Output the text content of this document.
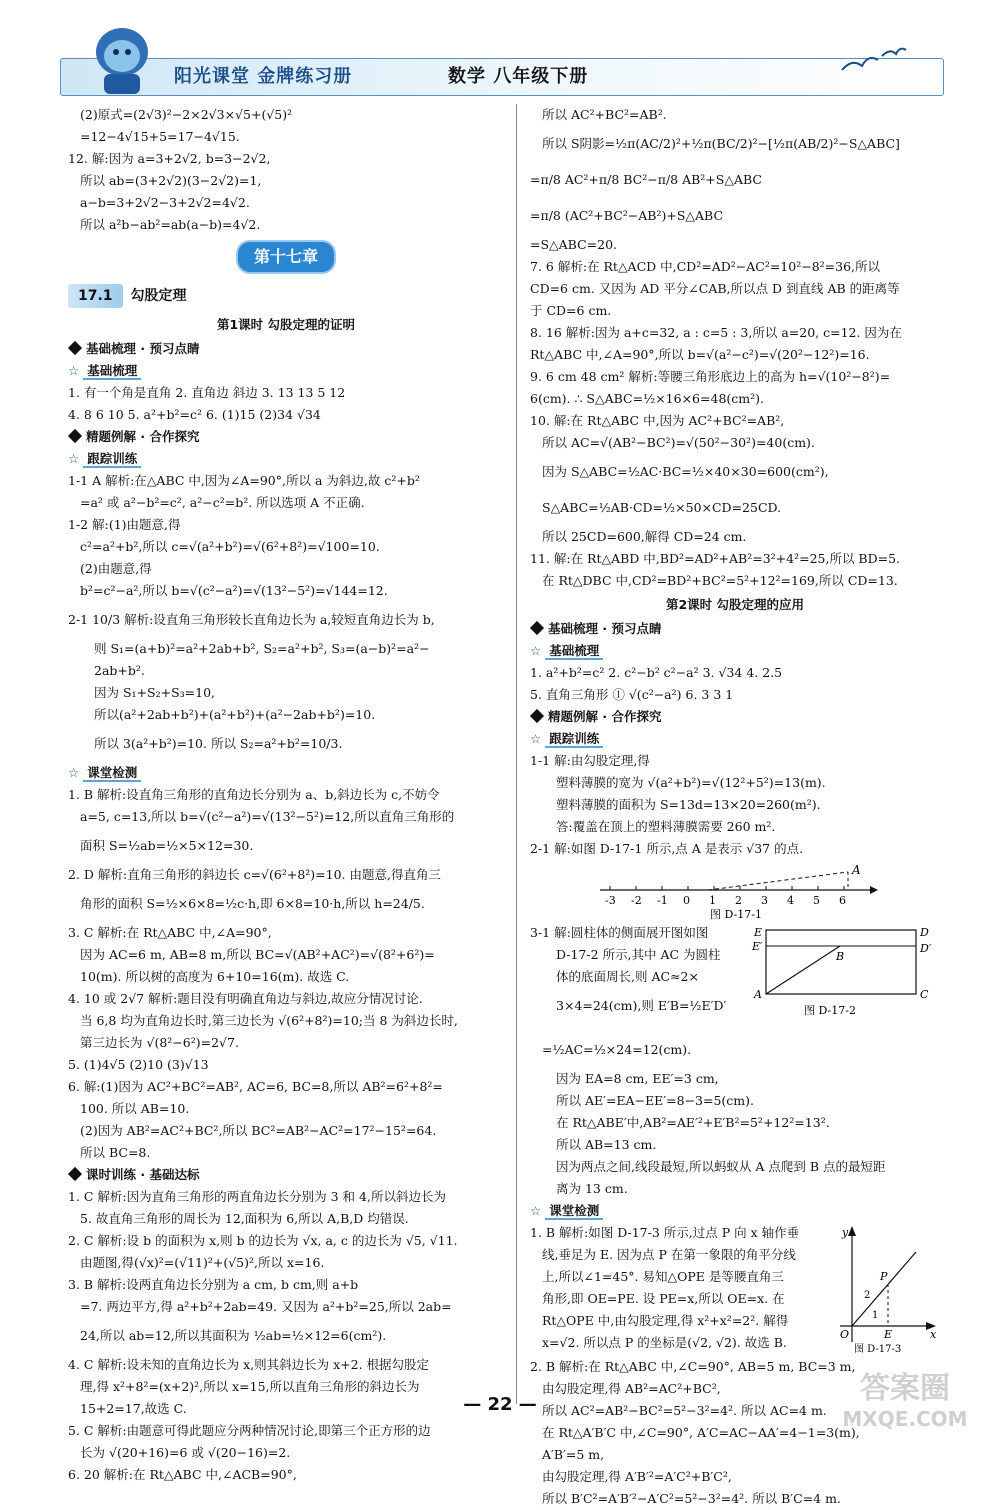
阳光课堂 金牌练习册	数学 八年级下册
(2)原式=(2√3)²−2×2√3×√5+(√5)²
=12−4√15+5=17−4√15.
12. 解:因为 a=3+2√2, b=3−2√2,
所以 ab=(3+2√2)(3−2√2)=1,
a−b=3+2√2−3+2√2=4√2.
所以 a²b−ab²=ab(a−b)=4√2.
第十七章
17.1 勾股定理
第1课时 勾股定理的证明
基础梳理 · 预习点睛
☆ 基础梳理
1. 有一个角是直角 2. 直角边 斜边 3. 13 13 5 12
4. 8 6 10 5. a²+b²=c² 6. (1)15 (2)34 √34
精题例解 · 合作探究
☆ 跟踪训练
1-1 A 解析:在△ABC 中,因为∠A=90°,所以 a 为斜边,故 c²+b²
=a² 或 a²−b²=c², a²−c²=b². 所以选项 A 不正确.
1-2 解:(1)由题意,得
c²=a²+b²,所以 c=√(a²+b²)=√(6²+8²)=√100=10.
(2)由题意,得
b²=c²−a²,所以 b=√(c²−a²)=√(13²−5²)=√144=12.
2-1 10/3 解析:设直角三角形较长直角边长为 a,较短直角边长为 b,
则 S₁=(a+b)²=a²+2ab+b², S₂=a²+b², S₃=(a−b)²=a²−
2ab+b².
因为 S₁+S₂+S₃=10,
所以(a²+2ab+b²)+(a²+b²)+(a²−2ab+b²)=10.
所以 3(a²+b²)=10. 所以 S₂=a²+b²=10/3.
☆ 课堂检测
1. B 解析:设直角三角形的直角边长分别为 a、b,斜边长为 c,不妨令
a=5, c=13,所以 b=√(c²−a²)=√(13²−5²)=12,所以直角三角形的
面积 S=½ab=½×5×12=30.
2. D 解析:直角三角形的斜边长 c=√(6²+8²)=10. 由题意,得直角三
角形的面积 S=½×6×8=½c·h,即 6×8=10·h,所以 h=24/5.
3. C 解析:在 Rt△ABC 中,∠A=90°,
因为 AC=6 m, AB=8 m,所以 BC=√(AB²+AC²)=√(8²+6²)=
10(m). 所以树的高度为 6+10=16(m). 故选 C.
4. 10 或 2√7 解析:题目没有明确直角边与斜边,故应分情况讨论.
当 6,8 均为直角边长时,第三边长为 √(6²+8²)=10;当 8 为斜边长时,
第三边长为 √(8²−6²)=2√7.
5. (1)4√5 (2)10 (3)√13
6. 解:(1)因为 AC²+BC²=AB², AC=6, BC=8,所以 AB²=6²+8²=
100. 所以 AB=10.
(2)因为 AB²=AC²+BC²,所以 BC²=AB²−AC²=17²−15²=64.
所以 BC=8.
课时训练 · 基础达标
1. C 解析:因为直角三角形的两直角边长分别为 3 和 4,所以斜边长为
5. 故直角三角形的周长为 12,面积为 6,所以 A,B,D 均错误.
2. C 解析:设 b 的面积为 x,则 b 的边长为 √x, a, c 的边长为 √5, √11.
由题图,得(√x)²=(√11)²+(√5)²,所以 x=16.
3. B 解析:设两直角边长分别为 a cm, b cm,则 a+b
=7. 两边平方,得 a²+b²+2ab=49. 又因为 a²+b²=25,所以 2ab=
24,所以 ab=12,所以其面积为 ½ab=½×12=6(cm²).
4. C 解析:设未知的直角边长为 x,则其斜边长为 x+2. 根据勾股定
理,得 x²+8²=(x+2)²,所以 x=15,所以直角三角形的斜边长为
15+2=17,故选 C.
5. C 解析:由题意可得此题应分两种情况讨论,即第三个正方形的边
长为 √(20+16)=6 或 √(20−16)=2.
6. 20 解析:在 Rt△ABC 中,∠ACB=90°,
所以 AC²+BC²=AB².
所以 S阴影=½π(AC/2)²+½π(BC/2)²−[½π(AB/2)²−S△ABC]
=π/8 AC²+π/8 BC²−π/8 AB²+S△ABC
=π/8 (AC²+BC²−AB²)+S△ABC
=S△ABC=20.
7. 6 解析:在 Rt△ACD 中,CD²=AD²−AC²=10²−8²=36,所以
CD=6 cm. 又因为 AD 平分∠CAB,所以点 D 到直线 AB 的距离等
于 CD=6 cm.
8. 16 解析:因为 a+c=32, a : c=5 : 3,所以 a=20, c=12. 因为在
Rt△ABC 中,∠A=90°,所以 b=√(a²−c²)=√(20²−12²)=16.
9. 6 cm 48 cm² 解析:等腰三角形底边上的高为 h=√(10²−8²)=
6(cm). ∴ S△ABC=½×16×6=48(cm²).
10. 解:在 Rt△ABC 中,因为 AC²+BC²=AB²,
所以 AC=√(AB²−BC²)=√(50²−30²)=40(cm).
因为 S△ABC=½AC·BC=½×40×30=600(cm²),
S△ABC=½AB·CD=½×50×CD=25CD.
所以 25CD=600,解得 CD=24 cm.
11. 解:在 Rt△ABD 中,BD²=AD²+AB²=3²+4²=25,所以 BD=5.
在 Rt△DBC 中,CD²=BD²+BC²=5²+12²=169,所以 CD=13.
第2课时 勾股定理的应用
基础梳理 · 预习点睛
☆ 基础梳理
1. a²+b²=c² 2. c²−b² c²−a² 3. √34 4. 2.5
5. 直角三角形 ① √(c²−a²) 6. 3 3 1
精题例解 · 合作探究
☆ 跟踪训练
1-1 解:由勾股定理,得
塑料薄膜的宽为 √(a²+b²)=√(12²+5²)=13(m).
塑料薄膜的面积为 S=13d=13×20=260(m²).
答:覆盖在顶上的塑料薄膜需要 260 m².
2-1 解:如图 D-17-1 所示,点 A 是表示 √37 的点.
-3 -2 -1 0 1 2 3 4 5 6
A
图 D-17-1
3-1 解:圆柱体的侧面展开图如图
D-17-2 所示,其中 AC 为圆柱
体的底面周长,则 AC≈2×
3×4=24(cm),则 E′B=½E′D′
D
E′	D′
B
E
A	C
图 D-17-2
=½AC=½×24=12(cm).
因为 EA=8 cm, EE′=3 cm,
所以 AE′=EA−EE′=8−3=5(cm).
在 Rt△ABE′中,AB²=AE′²+E′B²=5²+12²=13².
所以 AB=13 cm.
因为两点之间,线段最短,所以蚂蚁从 A 点爬到 B 点的最短距
离为 13 cm.
☆ 课堂检测
1. B 解析:如图 D-17-3 所示,过点 P 向 x 轴作垂
线,垂足为 E. 因为点 P 在第一象限的角平分线
上,所以∠1=45°. 易知△OPE 是等腰直角三
角形,即 OE=PE. 设 PE=x,所以 OE=x. 在
Rt△OPE 中,由勾股定理,得 x²+x²=2². 解得
x=√2. 所以点 P 的坐标是(√2, √2). 故选 B.
y
P
2
1
O	E	x
图 D-17-3
2. B 解析:在 Rt△ABC 中,∠C=90°, AB=5 m, BC=3 m,
由勾股定理,得 AB²=AC²+BC²,
所以 AC²=AB²−BC²=5²−3²=4². 所以 AC=4 m.
在 Rt△A′B′C 中,∠C=90°, A′C=AC−AA′=4−1=3(m),
A′B′=5 m,
由勾股定理,得 A′B′²=A′C²+B′C²,
所以 B′C²=A′B′²−A′C²=5²−3²=4². 所以 B′C=4 m.
— 22 —	答案圈
MXQE.COM
